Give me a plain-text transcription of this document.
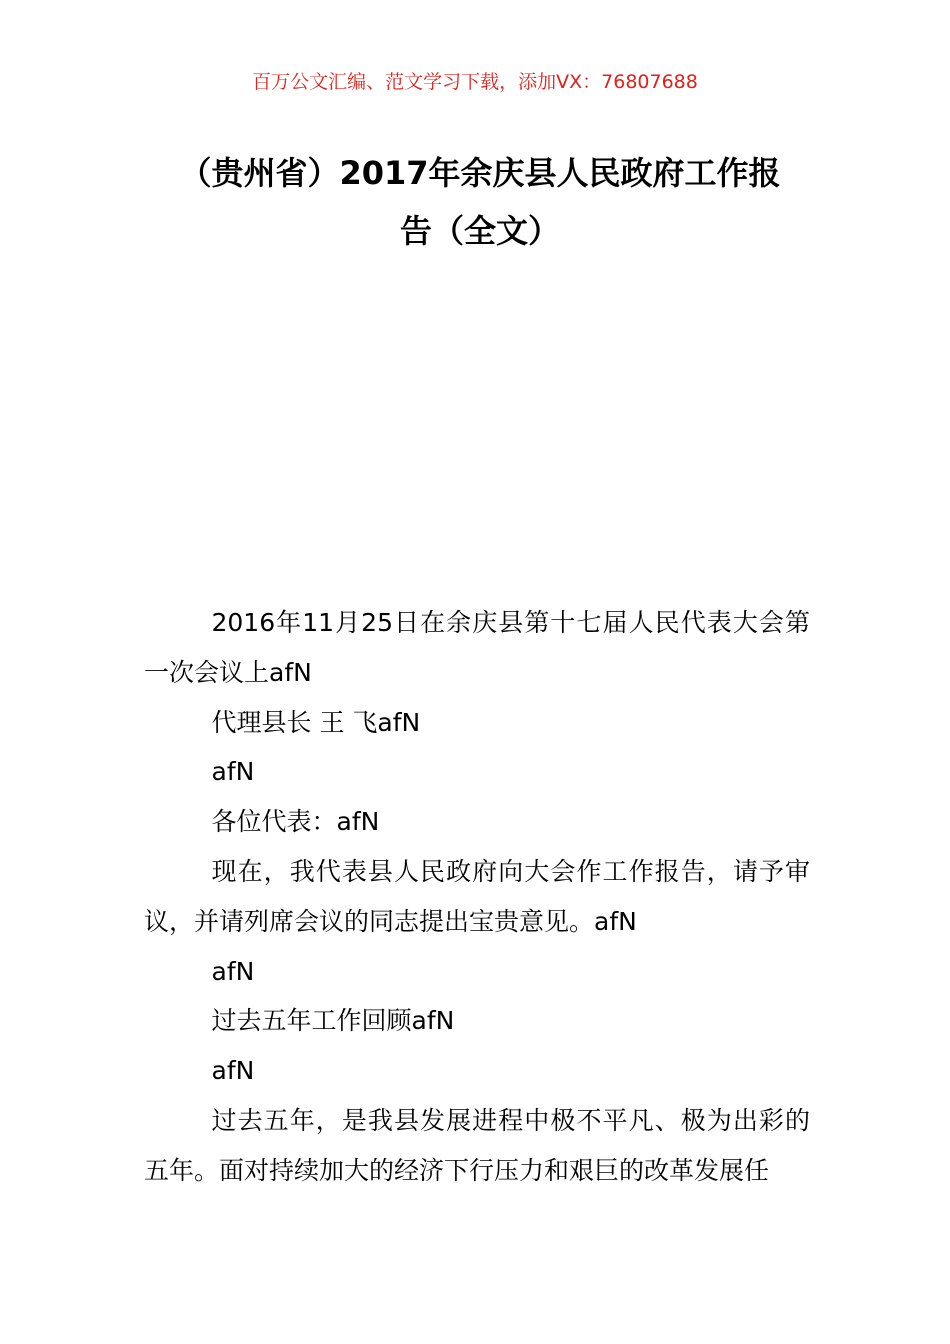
百万公文汇编、范文学习下载，添加VX：76807688
（贵州省）2017年余庆县人民政府工作报
告（全文）

2016年11月25日在余庆县第十七届人民代表大会第一次会议上afN

代理县长 王 飞afN

afN

各位代表：afN

现在，我代表县人民政府向大会作工作报告，请予审议，并请列席会议的同志提出宝贵意见。afN

afN

过去五年工作回顾afN

afN

过去五年，是我县发展进程中极不平凡、极为出彩的五年。面对持续加大的经济下行压力和艰巨的改革发展任
